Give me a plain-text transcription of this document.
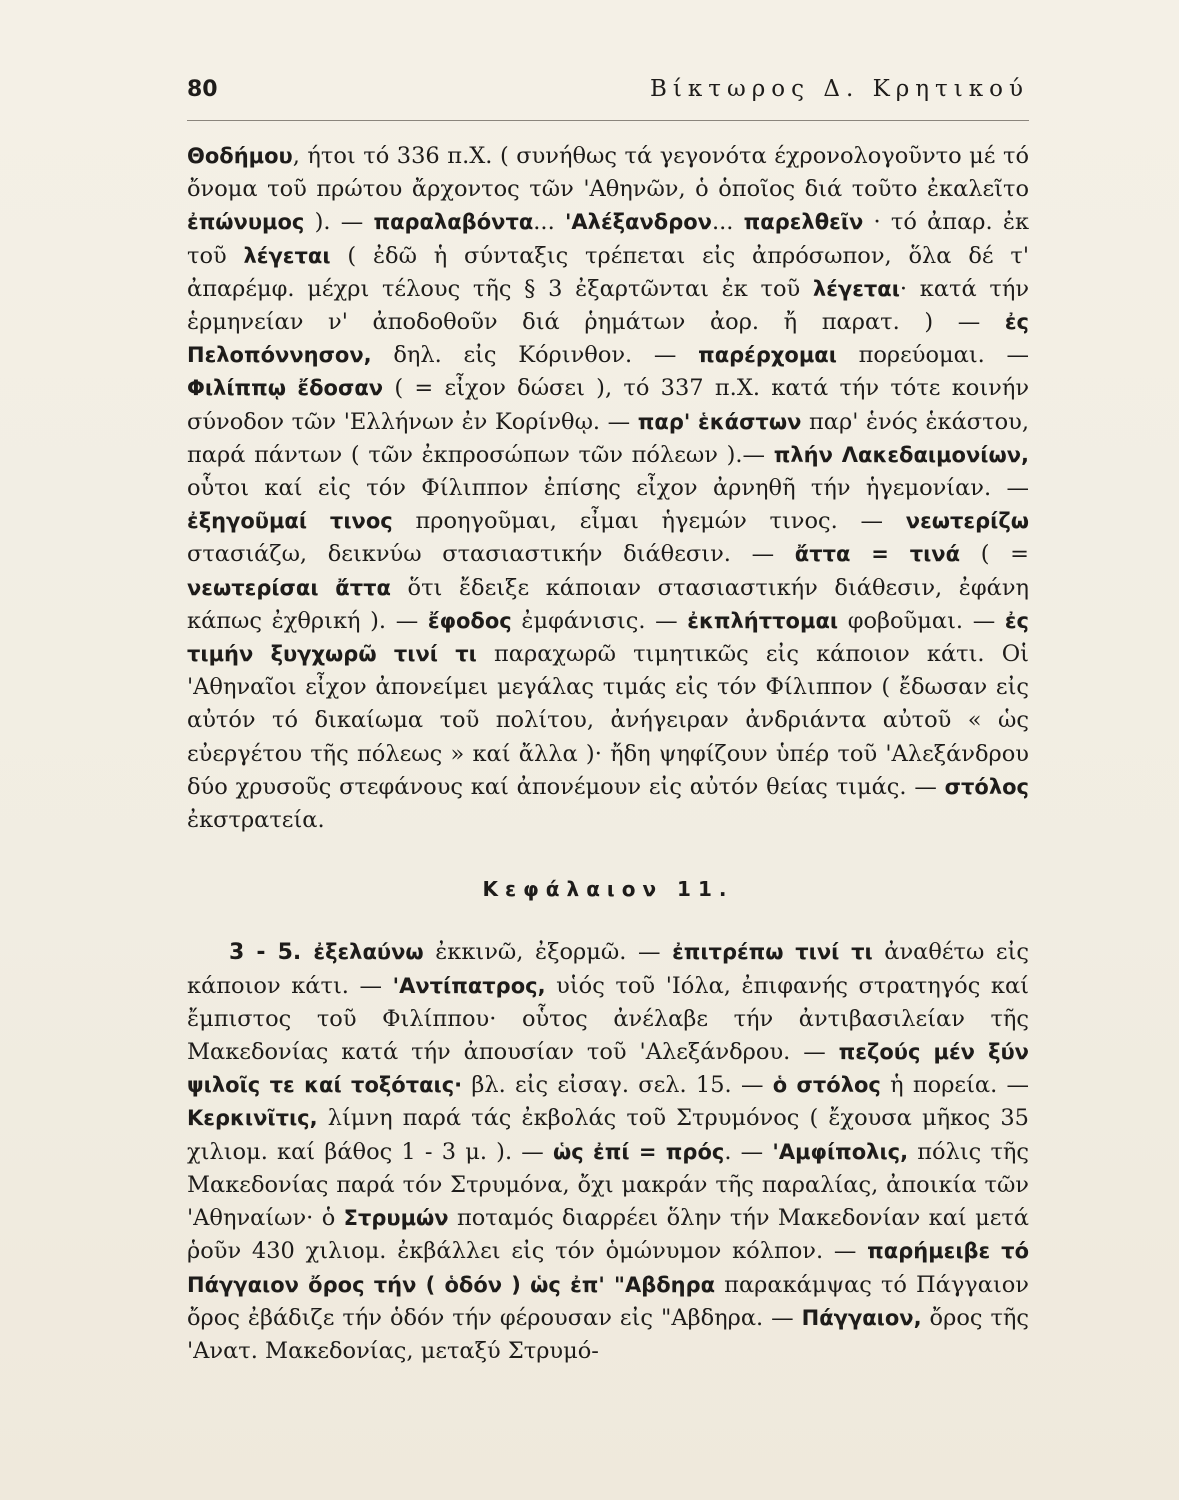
80	Βίκτωρος Δ. Κρητικού

Θοδήμου, ήτοι τό 336 π.Χ. ( συνήθως τά γεγονότα έχρονολογοῦντο μέ τό ὄνομα τοῦ πρώτου ἄρχοντος τῶν 'Αθηνῶν, ὁ ὁποῖος διά τοῦτο ἐκαλεῖτο ἐπώνυμος ). — παραλαβόντα... 'Αλέξανδρον... παρελθεῖν · τό ἀπαρ. ἐκ τοῦ λέγεται ( ἐδῶ ἡ σύνταξις τρέπεται εἰς ἀπρόσωπον, ὅλα δέ τ' ἀπαρέμφ. μέχρι τέλους τῆς § 3 ἐξαρτῶνται ἐκ τοῦ λέγεται· κατά τήν ἑρμηνείαν ν' ἀποδοθοῦν διά ῥημάτων ἀορ. ἤ παρατ. ) — ἐς Πελοπόννησον, δηλ. εἰς Κόρινθον. — παρέρχομαι πορεύομαι. — Φιλίππῳ ἔδοσαν ( = εἶχον δώσει ), τό 337 π.Χ. κατά τήν τότε κοινήν σύνοδον τῶν 'Ελλήνων ἐν Κορίνθῳ. — παρ' ἑκάστων παρ' ἑνός ἑκάστου, παρά πάντων ( τῶν ἐκπροσώπων τῶν πόλεων ).— πλήν Λακεδαιμονίων, οὗτοι καί εἰς τόν Φίλιππον ἐπίσης εἶχον ἀρνηθῆ τήν ἡγεμονίαν. — ἐξηγοῦμαί τινος προηγοῦμαι, εἶμαι ἡγεμών τινος. — νεωτερίζω στασιάζω, δεικνύω στασιαστικήν διάθεσιν. — ἄττα = τινά ( = νεωτερίσαι ἄττα ὅτι ἔδειξε κάποιαν στασιαστικήν διάθεσιν, ἐφάνη κάπως ἐχθρική ). — ἔφοδος ἐμφάνισις. — ἐκπλήττομαι φοβοῦμαι. — ἐς τιμήν ξυγχωρῶ τινί τι παραχωρῶ τιμητικῶς εἰς κάποιον κάτι. Οἱ 'Αθηναῖοι εἶχον ἀπονείμει μεγάλας τιμάς εἰς τόν Φίλιππον ( ἔδωσαν εἰς αὐτόν τό δικαίωμα τοῦ πολίτου, ἀνήγειραν ἀνδριάντα αὐτοῦ « ὡς εὐεργέτου τῆς πόλεως » καί ἄλλα )· ἤδη ψηφίζουν ὑπέρ τοῦ 'Αλεξάνδρου δύο χρυσοῦς στεφάνους καί ἀπονέμουν εἰς αὐτόν θείας τιμάς. — στόλος ἐκστρατεία.

Κεφάλαιον 11.

3 - 5. ἐξελαύνω ἐκκινῶ, ἐξορμῶ. — ἐπιτρέπω τινί τι ἀναθέτω εἰς κάποιον κάτι. — 'Αντίπατρος, υἱός τοῦ 'Ιόλα, ἐπιφανής στρατηγός καί ἔμπιστος τοῦ Φιλίππου· οὗτος ἀνέλαβε τήν ἀντιβασιλείαν τῆς Μακεδονίας κατά τήν ἀπουσίαν τοῦ 'Αλεξάνδρου. — πεζούς μέν ξύν ψιλοῖς τε καί τοξόταις· βλ. εἰς εἰσαγ. σελ. 15. — ὁ στόλος ἡ πορεία. — Κερκινῖτις, λίμνη παρά τάς ἐκβολάς τοῦ Στρυμόνος ( ἔχουσα μῆκος 35 χιλιομ. καί βάθος 1 - 3 μ. ). — ὡς ἐπί = πρός. — 'Αμφίπολις, πόλις τῆς Μακεδονίας παρά τόν Στρυμόνα, ὄχι μακράν τῆς παραλίας, ἀποικία τῶν 'Αθηναίων· ὁ Στρυμών ποταμός διαρρέει ὅλην τήν Μακεδονίαν καί μετά ῥοῦν 430 χιλιομ. ἐκβάλλει εἰς τόν ὁμώνυμον κόλπον. — παρήμειβε τό Πάγγαιον ὄρος τήν ( ὁδόν ) ὡς ἐπ' "Αβδηρα παρακάμψας τό Πάγγαιον ὄρος ἐβάδιζε τήν ὁδόν τήν φέρουσαν εἰς "Αβδηρα. — Πάγγαιον, ὄρος τῆς 'Ανατ. Μακεδονίας, μεταξύ Στρυμό-
